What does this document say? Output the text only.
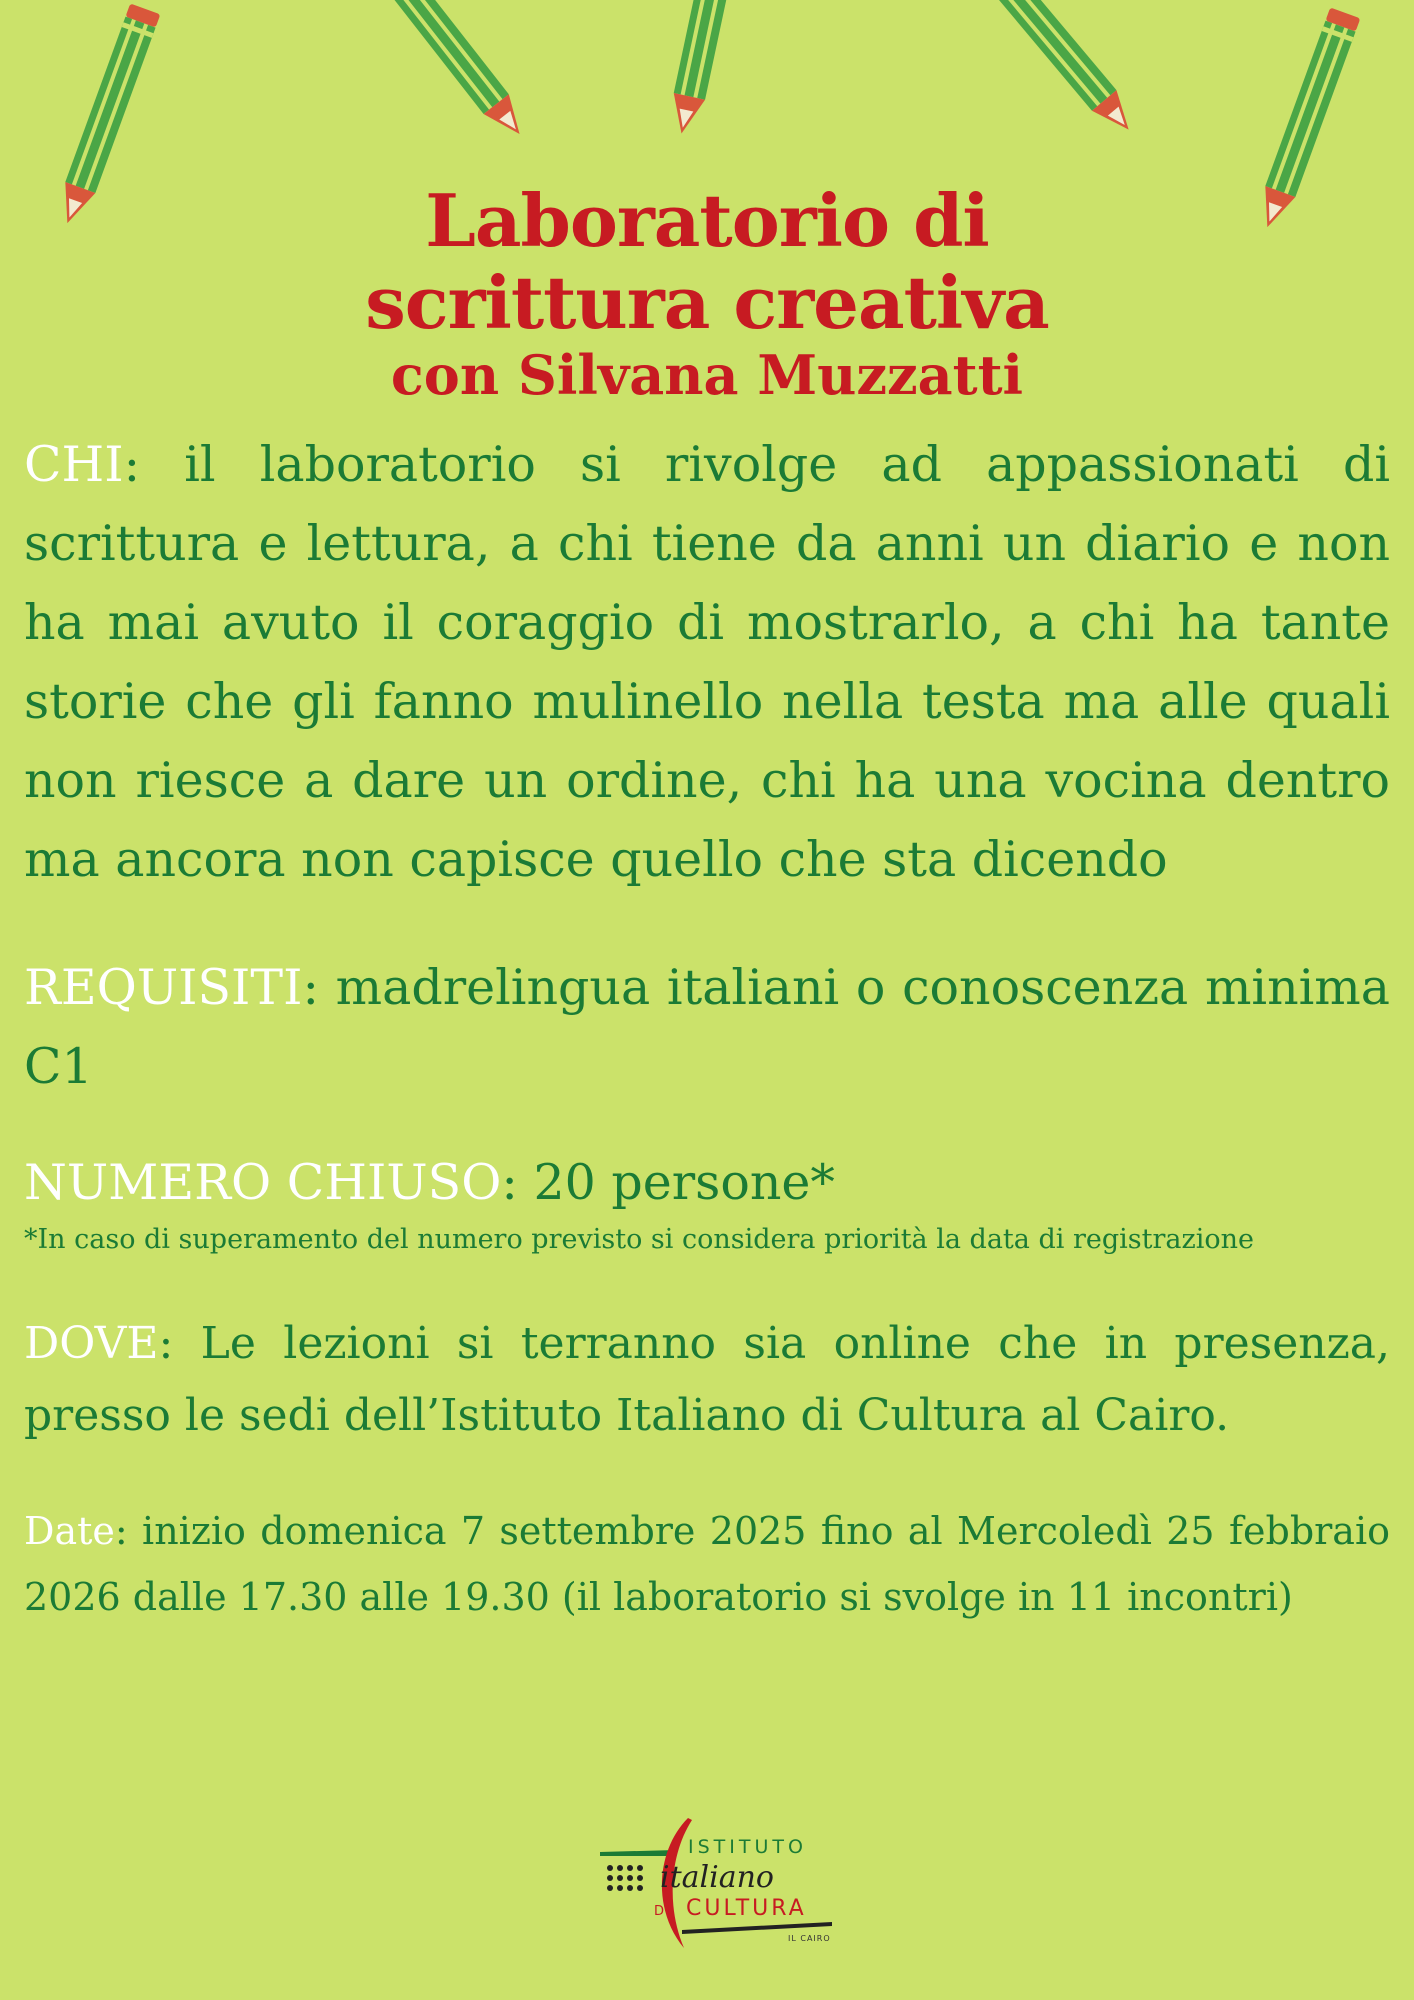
Laboratorio di
scrittura creativa
con Silvana Muzzatti
CHI: il laboratorio si rivolge ad appassionati di scrittura e lettura, a chi tiene da anni un diario e non ha mai avuto il coraggio di mostrarlo, a chi ha tante storie che gli fanno mulinello nella testa ma alle quali non riesce a dare un ordine, chi ha una vocina dentro ma ancora non capisce quello che sta dicendo
REQUISITI: madrelingua italiani o conoscenza minima C1
NUMERO CHIUSO: 20 persone*
*In caso di superamento del numero previsto si considera priorità la data di registrazione
DOVE: Le lezioni si terranno sia online che in presenza, presso le sedi dell’Istituto Italiano di Cultura al Cairo.
Date: inizio domenica 7 settembre 2025 fino al Mercoledì 25 febbraio 2026 dalle 17.30 alle 19.30 (il laboratorio si svolge in 11 incontri)
ISTITUTO
italiano
DI CULTURA
IL CAIRO
